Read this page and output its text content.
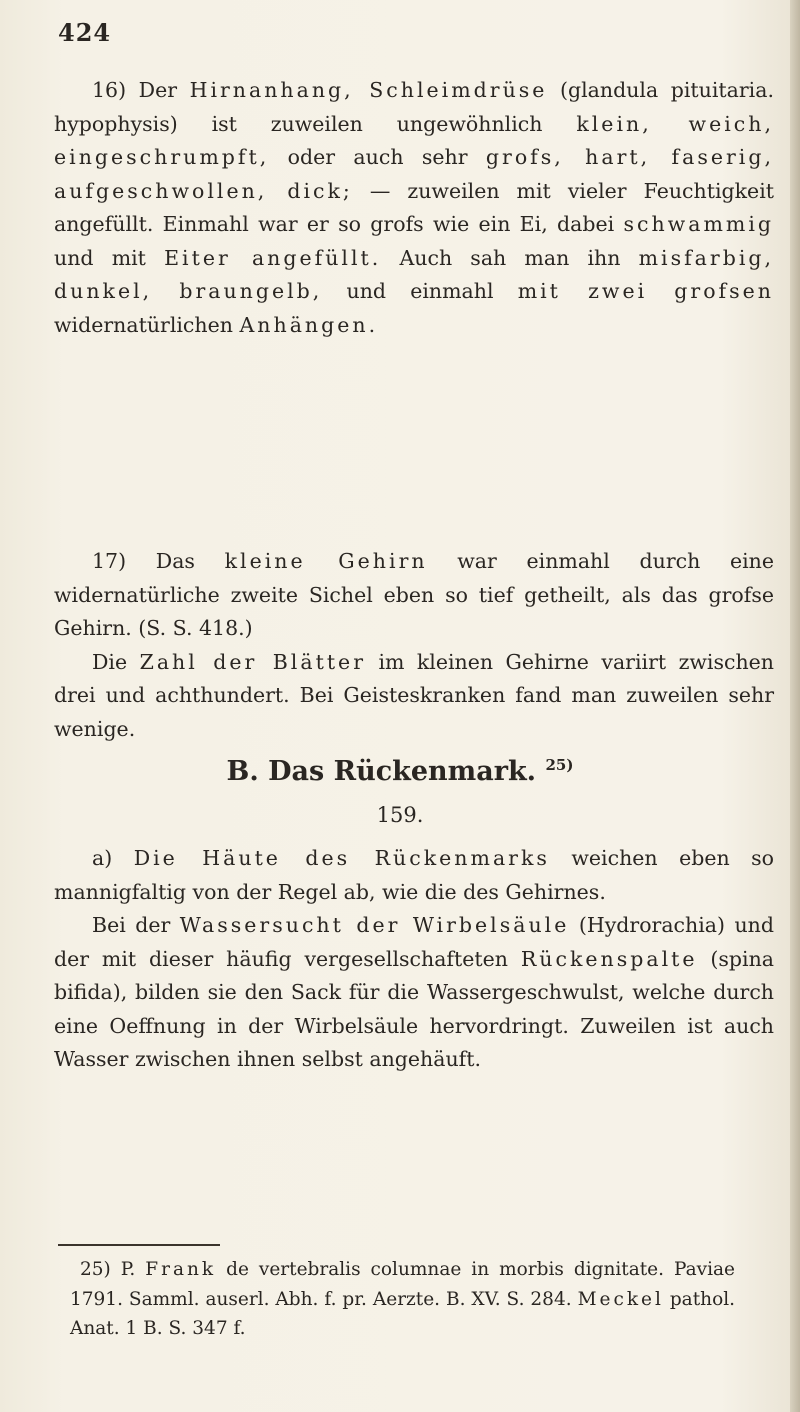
424

16) Der Hirnanhang, Schleimdrüse (glandula pituitaria. hypophysis) ist zuweilen ungewöhnlich klein, weich, eingeschrumpft, oder auch sehr grofs, hart, faserig, aufgeschwollen, dick; — zuweilen mit vieler Feuchtigkeit angefüllt. Einmahl war er so grofs wie ein Ei, dabei schwammig und mit Eiter angefüllt. Auch sah man ihn misfarbig, dunkel, braungelb, und einmahl mit zwei grofsen widernatürlichen Anhängen.

17) Das kleine Gehirn war einmahl durch eine widernatürliche zweite Sichel eben so tief getheilt, als das grofse Gehirn. (S. S. 418.)

Die Zahl der Blätter im kleinen Gehirne variirt zwischen drei und achthundert. Bei Geisteskranken fand man zuweilen sehr wenige.

B. Das Rückenmark. $^{25)}$
159.

a) Die Häute des Rückenmarks weichen eben so mannigfaltig von der Regel ab, wie die des Gehirnes.

Bei der Wassersucht der Wirbelsäule (Hydrorachia) und der mit dieser häufig vergesellschafteten Rückenspalte (spina bifida), bilden sie den Sack für die Wassergeschwulst, welche durch eine Oeffnung in der Wirbelsäule hervordringt. Zuweilen ist auch Wasser zwischen ihnen selbst angehäuft.

25) P. Frank de vertebralis columnae in morbis dignitate. Paviae 1791. Samml. auserl. Abh. f. pr. Aerzte. B. XV. S. 284. Meckel pathol. Anat. 1 B. S. 347 f.
